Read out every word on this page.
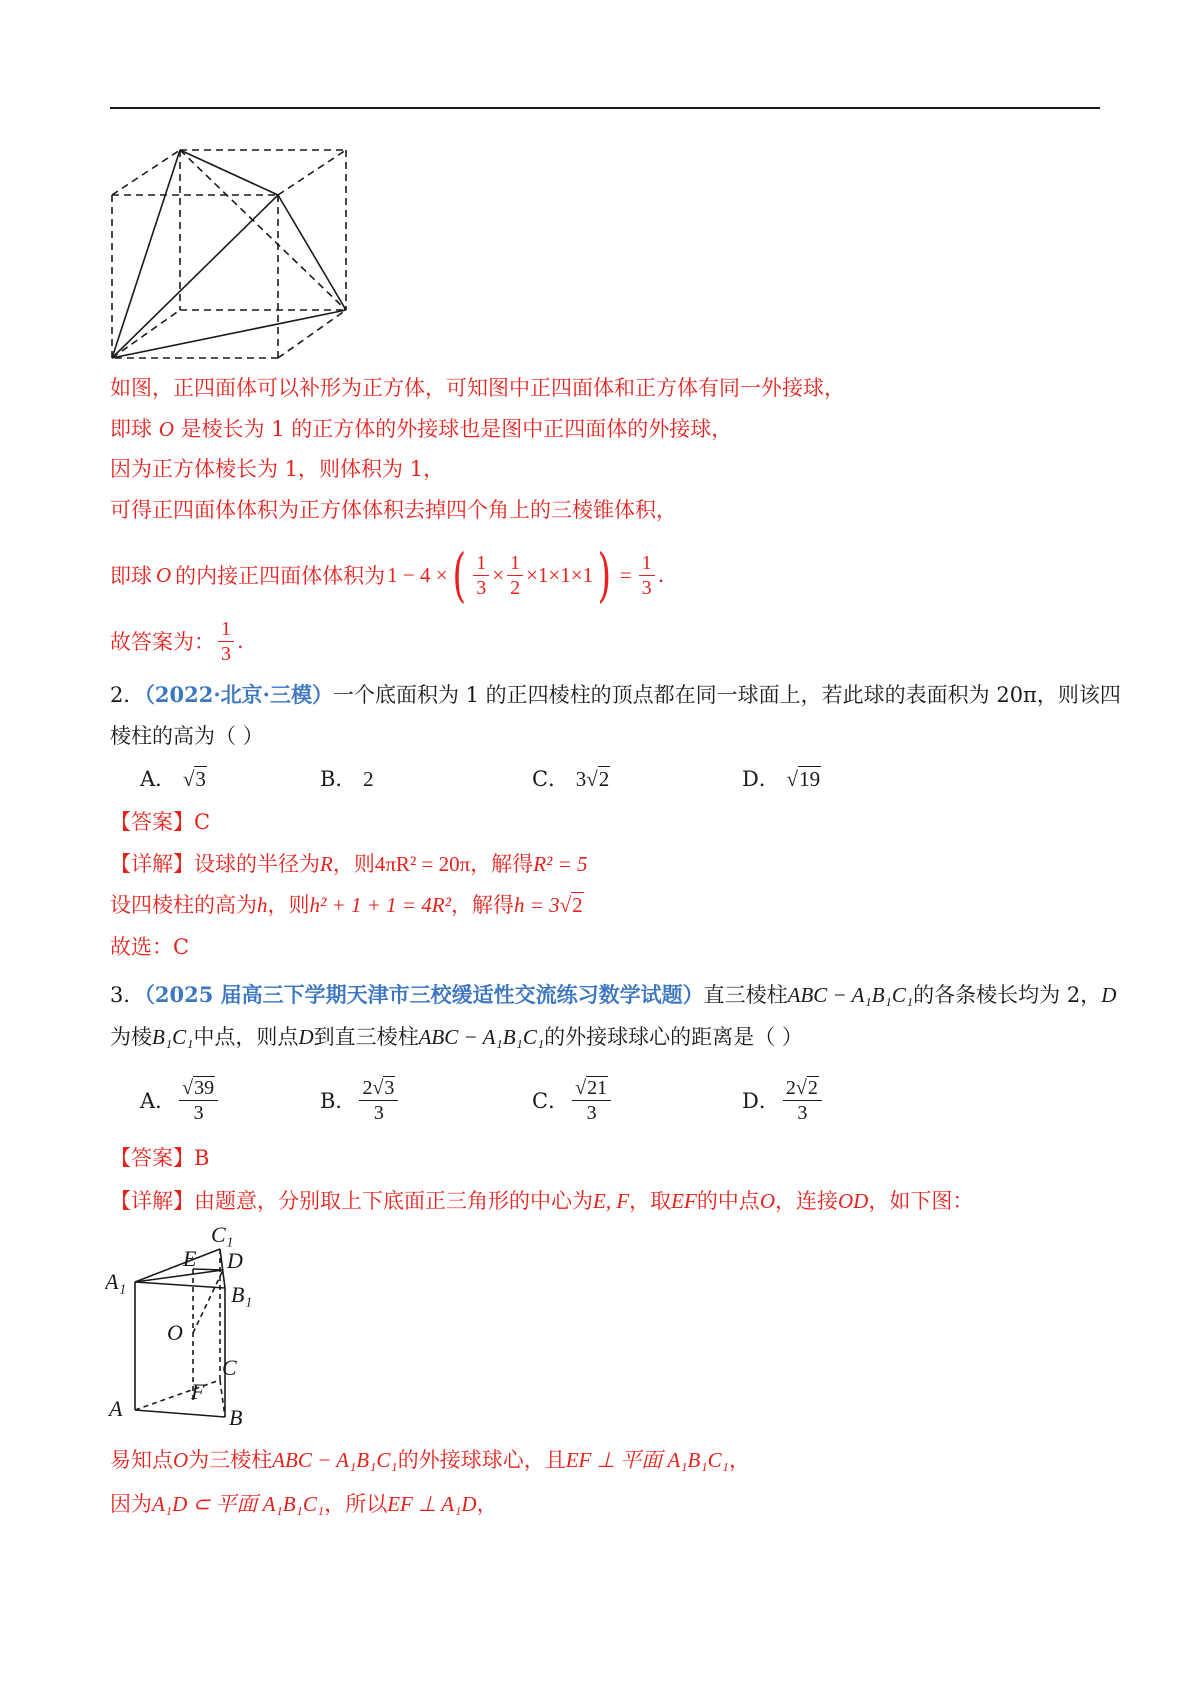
如图，正四面体可以补形为正方体，可知图中正四面体和正方体有同一外接球，
即球 O 是棱长为 1 的正方体的外接球也是图中正四面体的外接球，
因为正方体棱长为 1，则体积为 1，
可得正四面体体积为正方体体积去掉四个角上的三棱锥体积，
即球 O 的内接正四面体体积为 1 − 4 × ( $\frac{1}{3} \times \frac{1}{2} \times 1\times 1\times 1$ ) = $\frac{1}{3}$ .
故答案为： $\frac{1}{3}$ .
2．（2022·北京·三模）一个底面积为 1 的正四棱柱的顶点都在同一球面上，若此球的表面积为 20π，则该四
棱柱的高为（ ）
A． √3	B． 2	C． 3√2	D． √19
【答案】C
【详解】设球的半径为R，则4πR² = 20π，解得R² = 5
设四棱柱的高为h，则h² + 1 + 1 = 4R²，解得h = 3√2
故选：C
3．（2025 届高三下学期天津市三校缓适性交流练习数学试题）直三棱柱ABC − A₁B₁C₁的各条棱长均为 2，D
为棱B₁C₁中点，则点D到直三棱柱ABC − A₁B₁C₁的外接球球心的距离是（ ）
A． $\frac{√39}{3}$	B． $\frac{2√3}{3}$	C． $\frac{√21}{3}$	D． $\frac{2√2}{3}$
【答案】B
【详解】由题意，分别取上下底面正三角形的中心为E, F，取EF的中点O，连接OD，如下图：
C₁
E D
A₁
B₁
O
C
F
A	B
易知点O为三棱柱ABC − A₁B₁C₁的外接球球心，且EF ⊥ 平面 A₁B₁C₁，
因为A₁D ⊂ 平面 A₁B₁C₁，所以EF ⊥ A₁D，
